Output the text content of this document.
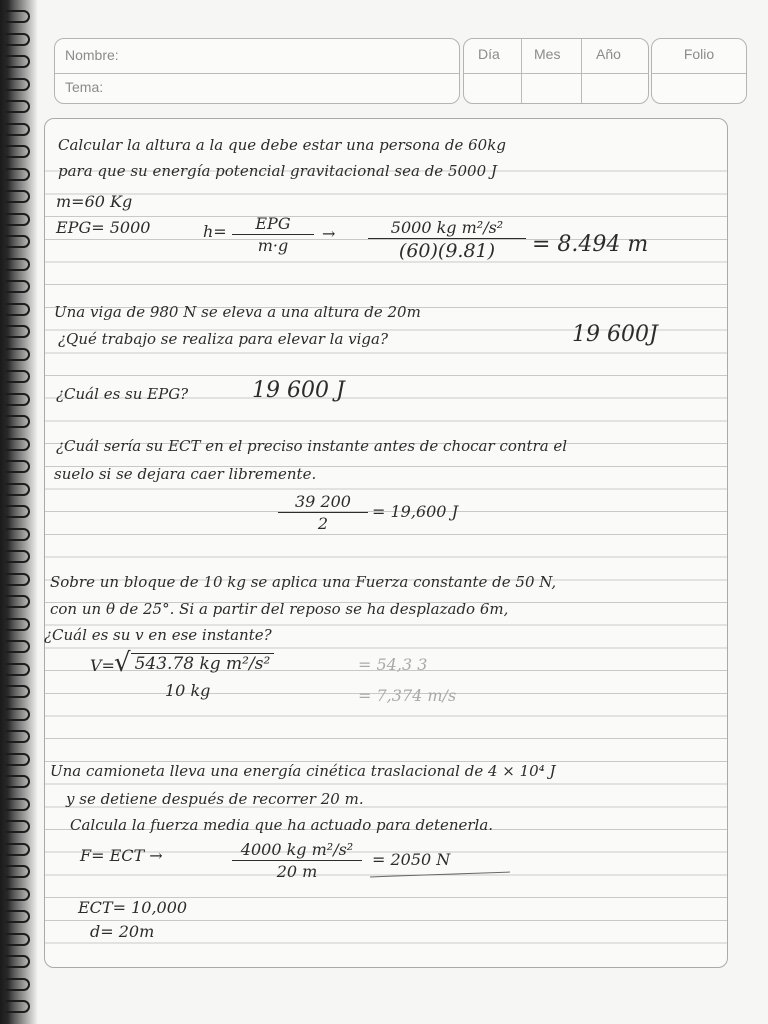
Nombre:
Tema:
Día Mes	Año	Folio
Calcular la altura a la que debe estar una persona de 60kg
para que su energía potencial gravitacional sea de 5000 J
m=60 Kg
EPG= 5000	h=	EPG
m·g
→	5000 kg m²/s²
(60)(9.81)	= 8.494 m
Una viga de 980 N se eleva a una altura de 20m
¿Qué trabajo se realiza para elevar la viga?	19 600J
¿Cuál es su EPG?	19 600 J
¿Cuál sería su ECT en el preciso instante antes de chocar contra el
suelo si se dejara caer libremente.
39 200
2
= 19,600 J
Sobre un bloque de 10 kg se aplica una Fuerza constante de 50 N,
con un θ de 25°. Si a partir del reposo se ha desplazado 6m,
¿Cuál es su v en ese instante?
V= √ 543.78 kg m²/s²
10 kg
= 54,3 3
= 7,374 m/s
Una camioneta lleva una energía cinética traslacional de 4 × 10⁴ J
y se detiene después de recorrer 20 m.
Calcula la fuerza media que ha actuado para detenerla.
F= ECT →	4000 kg m²/s²
20 m
= 2050 N
ECT= 10,000
d= 20m
